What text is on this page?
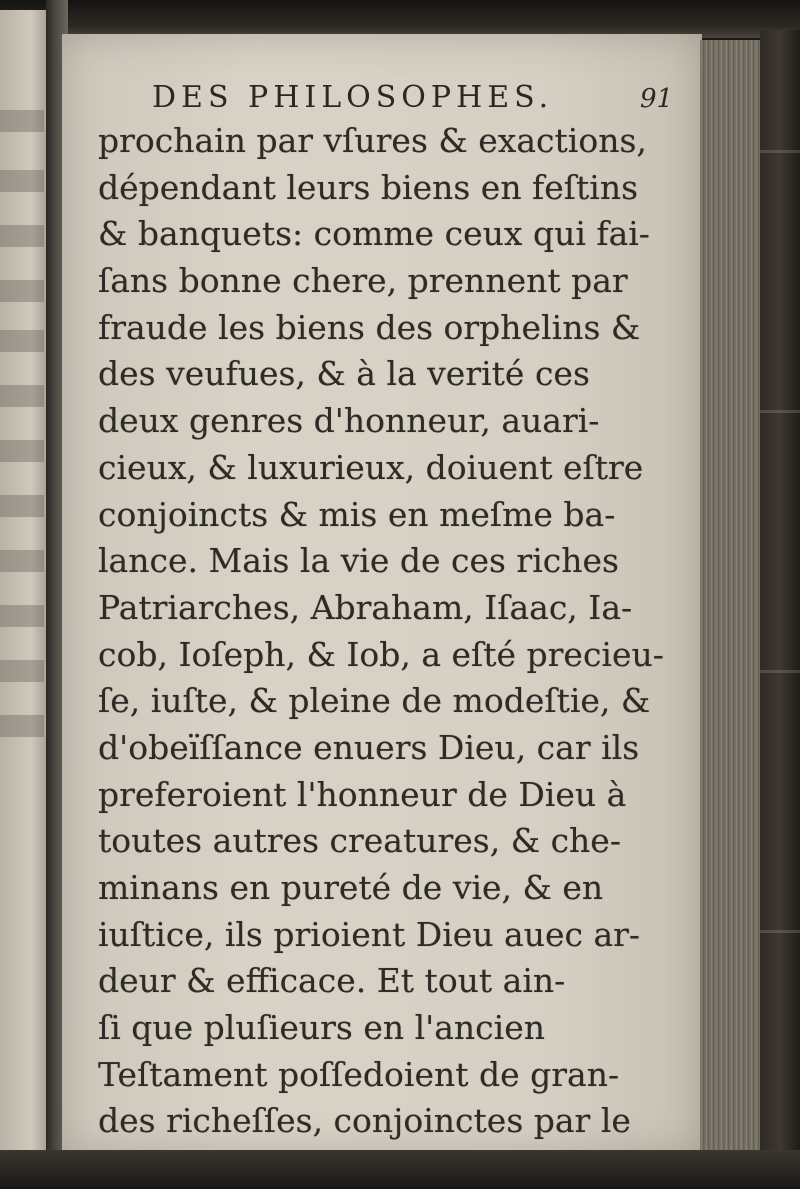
DES PHILOSOPHES.	91
prochain par vſures & exactions,
dépendant leurs biens en feſtins
& banquets: comme ceux qui fai-
ſans bonne chere, prennent par
fraude les biens des orphelins &
des veufues, & à la verité ces
deux genres d'honneur, auari-
cieux, & luxurieux, doiuent eſtre
conjoincts & mis en meſme ba-
lance. Mais la vie de ces riches
Patriarches, Abraham, Iſaac, Ia-
cob, Ioſeph, & Iob, a eſté precieu-
ſe, iuſte, & pleine de modeſtie, &
d'obeïſſance enuers Dieu, car ils
preferoient l'honneur de Dieu à
toutes autres creatures, & che-
minans en pureté de vie, & en
iuſtice, ils prioient Dieu auec ar-
deur & efficace. Et tout ain-
ſi que pluſieurs en l'ancien
Teſtament poſſedoient de gran-
des richeſſes, conjoinctes par le
